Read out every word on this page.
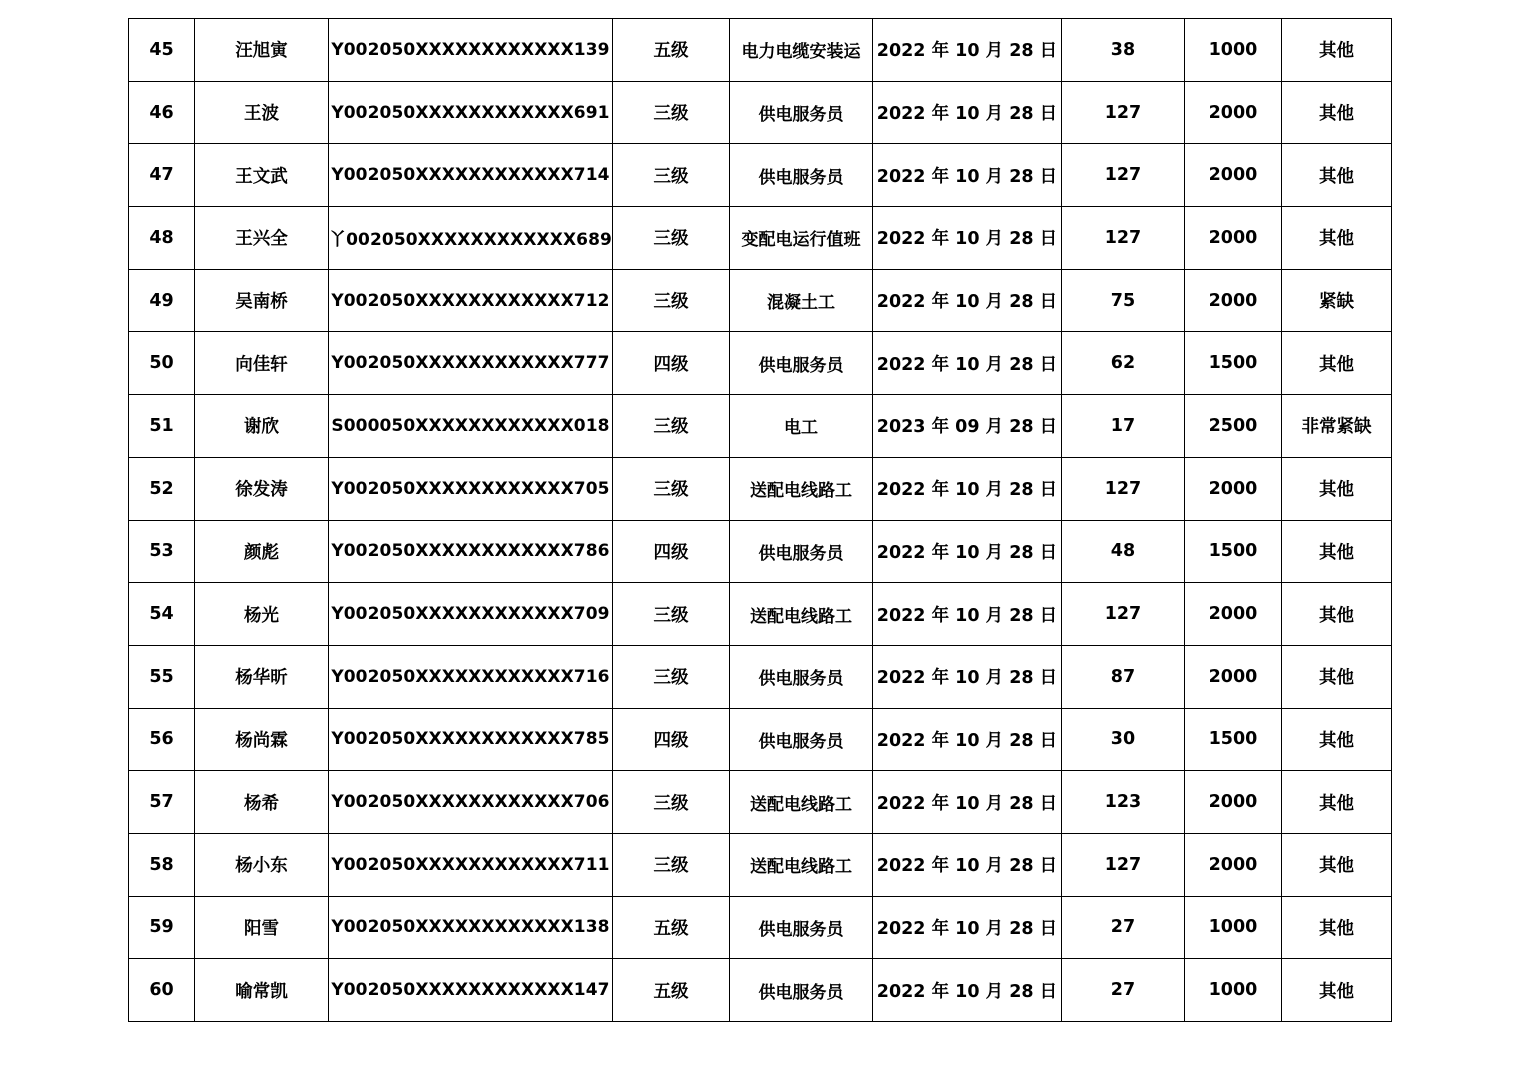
45	汪旭寅	Y002050XXXXXXXXXXXX139	五级	电力电缆安装运	2022 年 10 月 28 日	38	1000	其他
46	王波	Y002050XXXXXXXXXXXX691	三级	供电服务员	2022 年 10 月 28 日	127	2000	其他
47	王文武	Y002050XXXXXXXXXXXX714	三级	供电服务员	2022 年 10 月 28 日	127	2000	其他
48	王兴全	丫002050XXXXXXXXXXXX689	三级	变配电运行值班	2022 年 10 月 28 日	127	2000	其他
49	吴南桥	Y002050XXXXXXXXXXXX712	三级	混凝土工	2022 年 10 月 28 日	75	2000	紧缺
50	向佳轩	Y002050XXXXXXXXXXXX777	四级	供电服务员	2022 年 10 月 28 日	62	1500	其他
51	谢欣	S000050XXXXXXXXXXXX018	三级	电工	2023 年 09 月 28 日	17	2500	非常紧缺
52	徐发涛	Y002050XXXXXXXXXXXX705	三级	送配电线路工	2022 年 10 月 28 日	127	2000	其他
53	颜彪	Y002050XXXXXXXXXXXX786	四级	供电服务员	2022 年 10 月 28 日	48	1500	其他
54	杨光	Y002050XXXXXXXXXXXX709	三级	送配电线路工	2022 年 10 月 28 日	127	2000	其他
55	杨华昕	Y002050XXXXXXXXXXXX716	三级	供电服务员	2022 年 10 月 28 日	87	2000	其他
56	杨尚霖	Y002050XXXXXXXXXXXX785	四级	供电服务员	2022 年 10 月 28 日	30	1500	其他
57	杨希	Y002050XXXXXXXXXXXX706	三级	送配电线路工	2022 年 10 月 28 日	123	2000	其他
58	杨小东	Y002050XXXXXXXXXXXX711	三级	送配电线路工	2022 年 10 月 28 日	127	2000	其他
59	阳雪	Y002050XXXXXXXXXXXX138	五级	供电服务员	2022 年 10 月 28 日	27	1000	其他
60	喻常凯	Y002050XXXXXXXXXXXX147	五级	供电服务员	2022 年 10 月 28 日	27	1000	其他
